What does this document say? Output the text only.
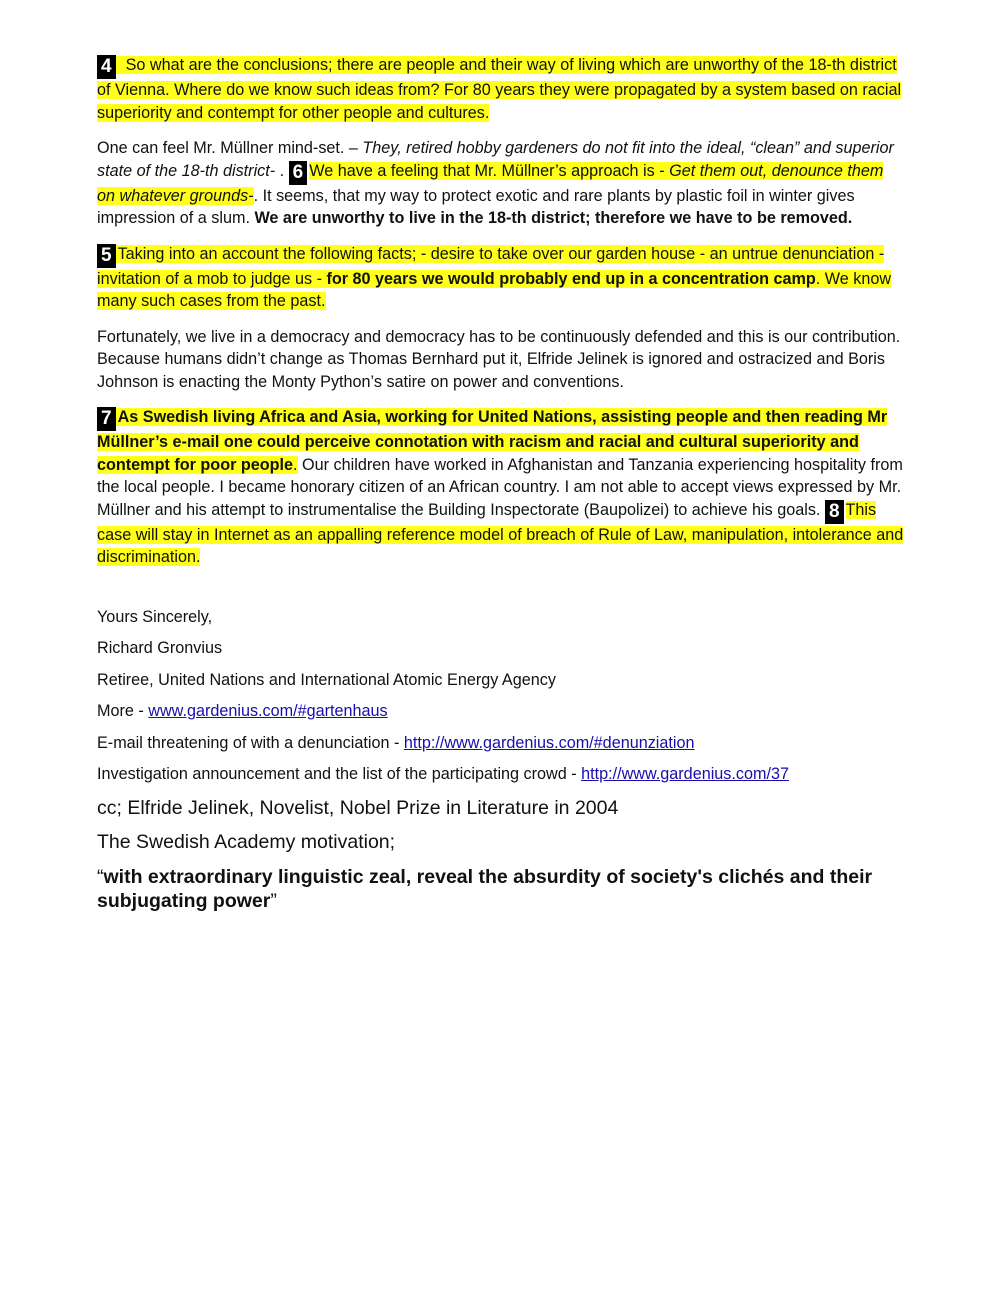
4 So what are the conclusions; there are people and their way of living which are unworthy of the 18-th district of Vienna. Where do we know such ideas from? For 80 years they were propagated by a system based on racial superiority and contempt for other people and cultures.

One can feel Mr. Müllner mind-set. – They, retired hobby gardeners do not fit into the ideal, “clean” and superior state of the 18-th district- . 6 We have a feeling that Mr. Müllner’s approach is - Get them out, denounce them on whatever grounds-. It seems, that my way to protect exotic and rare plants by plastic foil in winter gives impression of a slum. We are unworthy to live in the 18-th district; therefore we have to be removed.

5 Taking into an account the following facts; - desire to take over our garden house - an untrue denunciation - invitation of a mob to judge us - for 80 years we would probably end up in a concentration camp. We know many such cases from the past.

Fortunately, we live in a democracy and democracy has to be continuously defended and this is our contribution. Because humans didn’t change as Thomas Bernhard put it, Elfride Jelinek is ignored and ostracized and Boris Johnson is enacting the Monty Python’s satire on power and conventions.

7 As Swedish living Africa and Asia, working for United Nations, assisting people and then reading Mr Müllner’s e-mail one could perceive connotation with racism and racial and cultural superiority and contempt for poor people. Our children have worked in Afghanistan and Tanzania experiencing hospitality from the local people. I became honorary citizen of an African country. I am not able to accept views expressed by Mr. Müllner and his attempt to instrumentalise the Building Inspectorate (Baupolizei) to achieve his goals. 8 This case will stay in Internet as an appalling reference model of breach of Rule of Law, manipulation, intolerance and discrimination.

Yours Sincerely,

Richard Gronvius

Retiree, United Nations and International Atomic Energy Agency

More - www.gardenius.com/#gartenhaus

E-mail threatening of with a denunciation - http://www.gardenius.com/#denunziation

Investigation announcement and the list of the participating crowd - http://www.gardenius.com/37

cc; Elfride Jelinek, Novelist, Nobel Prize in Literature in 2004
The Swedish Academy motivation;
“with extraordinary linguistic zeal, reveal the absurdity of society's clichés and their subjugating power”
